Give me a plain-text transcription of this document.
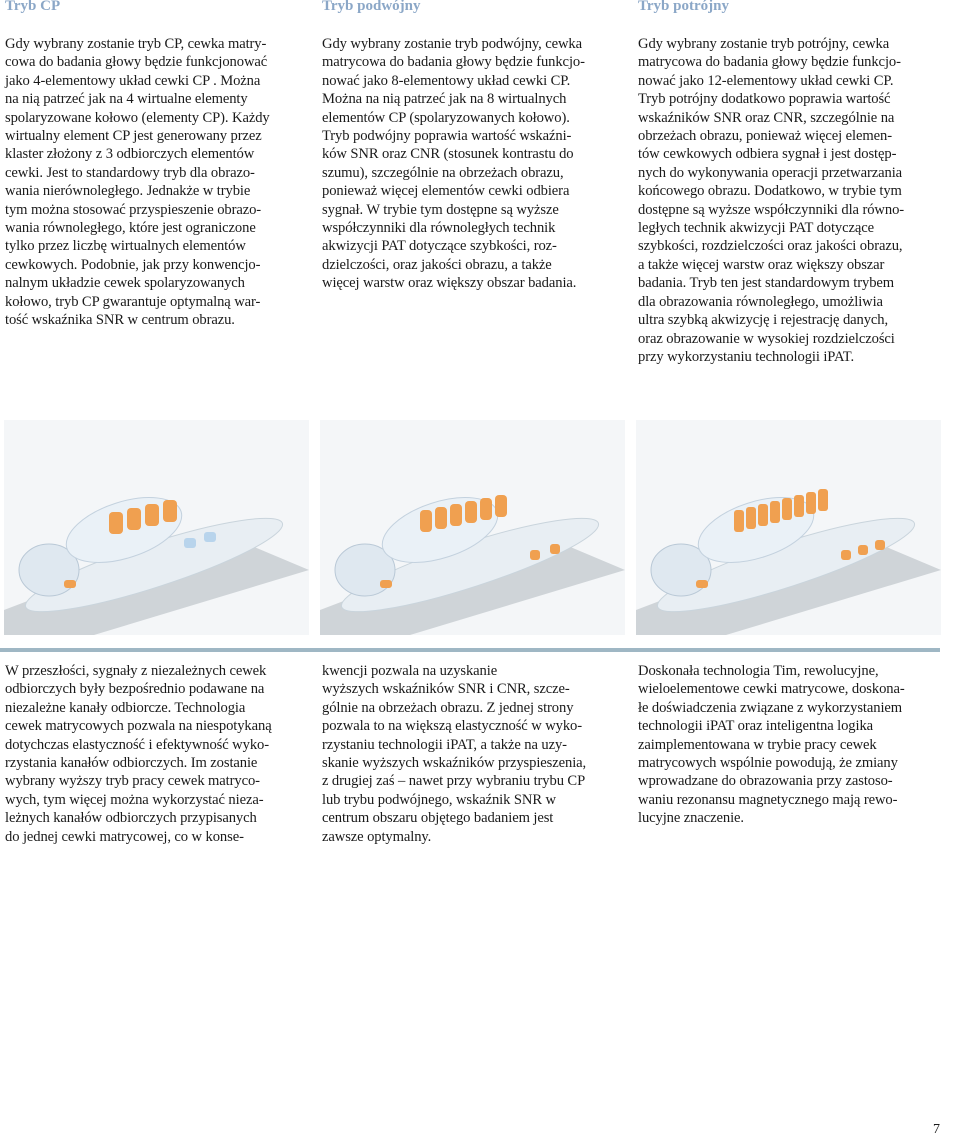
Tryb CP	Tryb podwójny	Tryb potrójny

Gdy wybrany zostanie tryb CP, cewka matry-
cowa do badania głowy będzie funkcjonować
jako 4-elementowy układ cewki CP . Można
na nią patrzeć jak na 4 wirtualne elementy
spolaryzowane kołowo (elementy CP). Każdy
wirtualny element CP jest generowany przez
klaster złożony z 3 odbiorczych elementów
cewki. Jest to standardowy tryb dla obrazo-
wania nierównoległego. Jednakże w trybie
tym można stosować przyspieszenie obrazo-
wania równoległego, które jest ograniczone
tylko przez liczbę wirtualnych elementów
cewkowych. Podobnie, jak przy konwencjo-
nalnym układzie cewek spolaryzowanych
kołowo, tryb CP gwarantuje optymalną war-
tość wskaźnika SNR w centrum obrazu.

Gdy wybrany zostanie tryb podwójny, cewka
matrycowa do badania głowy będzie funkcjo-
nować jako 8-elementowy układ cewki CP.
Można na nią patrzeć jak na 8 wirtualnych
elementów CP (spolaryzowanych kołowo).
Tryb podwójny poprawia wartość wskaźni-
ków SNR oraz CNR (stosunek kontrastu do
szumu), szczególnie na obrzeżach obrazu,
ponieważ więcej elementów cewki odbiera
sygnał. W trybie tym dostępne są wyższe
współczynniki dla równoległych technik
akwizycji PAT dotyczące szybkości, roz-
dzielczości, oraz jakości obrazu, a także
więcej warstw oraz większy obszar badania.

Gdy wybrany zostanie tryb potrójny, cewka
matrycowa do badania głowy będzie funkcjo-
nować jako 12-elementowy układ cewki CP.
Tryb potrójny dodatkowo poprawia wartość
wskaźników SNR oraz CNR, szczególnie na
obrzeżach obrazu, ponieważ więcej elemen-
tów cewkowych odbiera sygnał i jest dostęp-
nych do wykonywania operacji przetwarzania
końcowego obrazu. Dodatkowo, w trybie tym
dostępne są wyższe współczynniki dla równo-
ległych technik akwizycji PAT dotyczące
szybkości, rozdzielczości oraz jakości obrazu,
a także więcej warstw oraz większy obszar
badania. Tryb ten jest standardowym trybem
dla obrazowania równoległego, umożliwia
ultra szybką akwizycję i rejestrację danych,
oraz obrazowanie w wysokiej rozdzielczości
przy wykorzystaniu technologii iPAT.

W przeszłości, sygnały z niezależnych cewek
odbiorczych były bezpośrednio podawane na
niezależne kanały odbiorcze. Technologia
cewek matrycowych pozwala na niespotykaną
dotychczas elastyczność i efektywność wyko-
rzystania kanałów odbiorczych. Im zostanie
wybrany wyższy tryb pracy cewek matryco-
wych, tym więcej można wykorzystać nieza-
leżnych kanałów odbiorczych przypisanych
do jednej cewki matrycowej, co w konse-

kwencji pozwala na uzyskanie
wyższych wskaźników SNR i CNR, szcze-
gólnie na obrzeżach obrazu. Z jednej strony
pozwala to na większą elastyczność w wyko-
rzystaniu technologii iPAT, a także na uzy-
skanie wyższych wskaźników przyspieszenia,
z drugiej zaś – nawet przy wybraniu trybu CP
lub trybu podwójnego, wskaźnik SNR w
centrum obszaru objętego badaniem jest
zawsze optymalny.

Doskonała technologia Tim, rewolucyjne,
wieloelementowe cewki matrycowe, doskona-
łe doświadczenia związane z wykorzystaniem
technologii iPAT oraz inteligentna logika
zaimplementowana w trybie pracy cewek
matrycowych wspólnie powodują, że zmiany
wprowadzane do obrazowania przy zastoso-
waniu rezonansu magnetycznego mają rewo-
lucyjne znaczenie.

7
